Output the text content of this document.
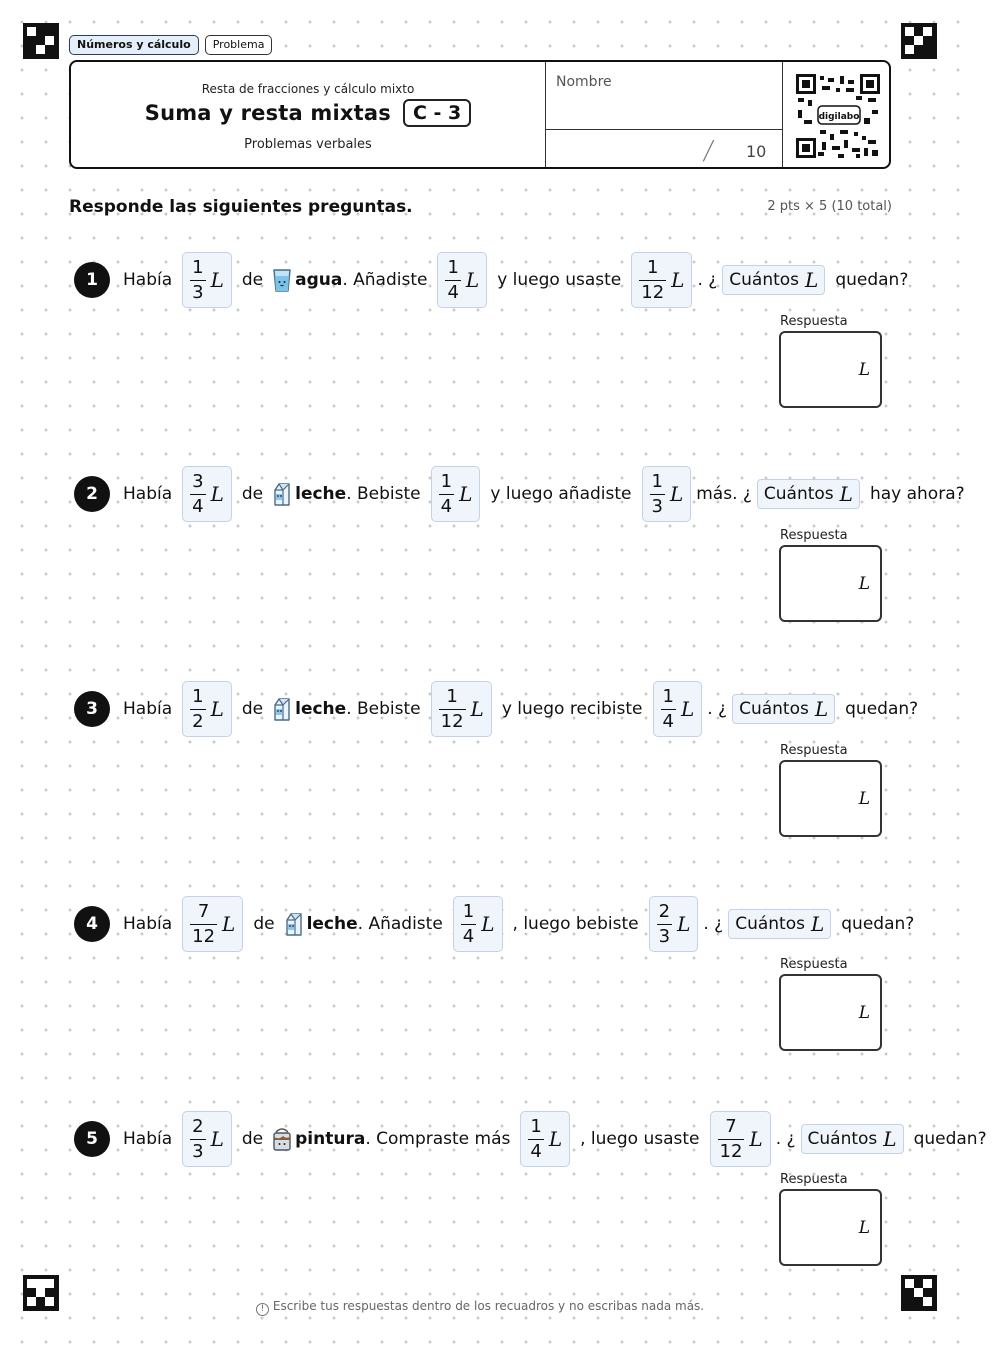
Números y cálculo	Problema
Resta de fracciones y cálculo mixto
Suma y resta mixtas	C - 3
Problemas verbales
Nombre
/ 10
digilabo
Responde las siguientes preguntas.	2 pts × 5 (10 total)
1	Había $\frac{1}{3}$ L de agua . Añadiste $\frac{1}{4}$ L y luego usaste $\frac{1}{12}$ L . ¿ Cuántos L quedan?
Respuesta
L
2	Había $\frac{3}{4}$ L de leche . Bebiste $\frac{1}{4}$ L y luego añadiste $\frac{1}{3}$ L más. ¿ Cuántos L hay ahora?
Respuesta
L
3	Había $\frac{1}{2}$ L de leche . Bebiste $\frac{1}{12}$ L y luego recibiste $\frac{1}{4}$ L . ¿ Cuántos L quedan?
Respuesta
L
4	Había $\frac{7}{12}$ L de leche . Añadiste $\frac{1}{4}$ L , luego bebiste $\frac{2}{3}$ L . ¿ Cuántos L quedan?
Respuesta
L
5	Había $\frac{2}{3}$ L de pintura . Compraste más $\frac{1}{4}$ L , luego usaste $\frac{7}{12}$ L . ¿ Cuántos L quedan?
Respuesta
L
! Escribe tus respuestas dentro de los recuadros y no escribas nada más.
